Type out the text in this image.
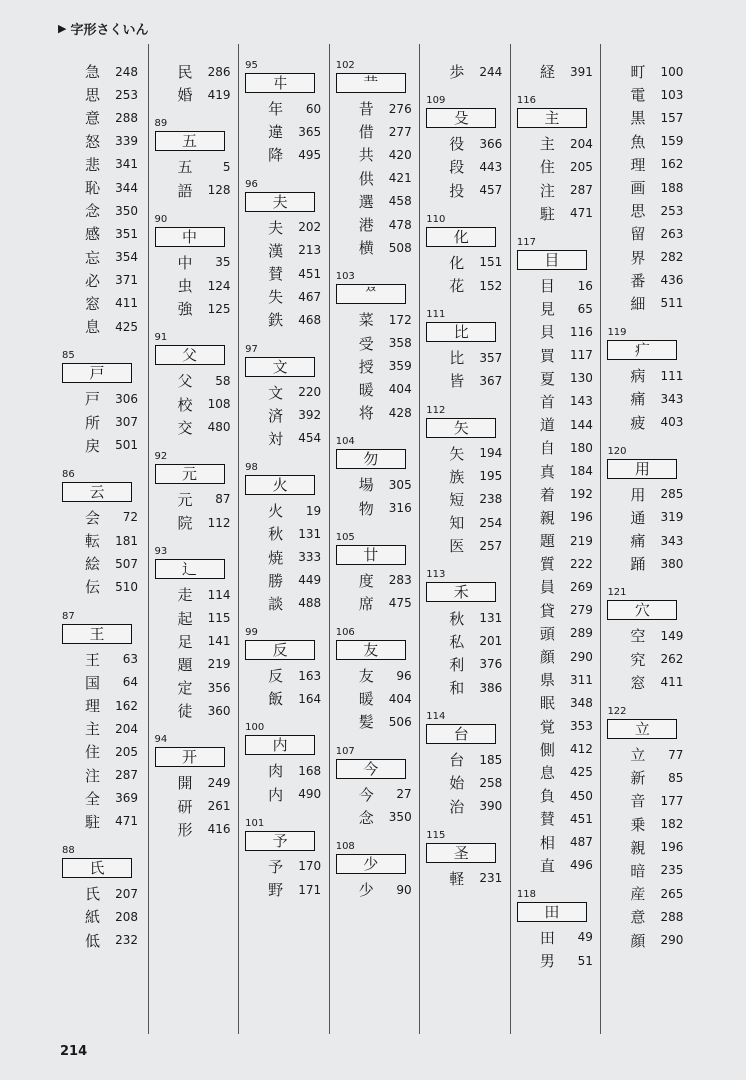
▶ 字形さくいん
急	248
思	253
意	288
怒	339
悲	341
恥	344
念	350
感	351
忘	354
必	371
窓	411
息	425
85
戸
戸	306
所	307
戻	501
86
云
会	72
転	181
絵	507
伝	510
87
王
王	63
国	64
理	162
主	204
住	205
注	287
全	369
駐	471
88
氏
氏	207
紙	208
低	232
民	286
婚	419
89
五
五	5
語	128
90
中
中	35
虫	124
強	125
91
父
父	58
校	108
交	480
92
元
元	87
院	112
93
⻌
走	114
起	115
足	141
題	219
定	356
徒	360
94
开
開	249
研	261
形	416
95
㐄
年	60
違	365
降	495
96
夫
夫	202
漢	213
賛	451
失	467
鉄	468
97
文
文	220
済	392
対	454
98
火
火	19
秋	131
焼	333
勝	449
談	488
99
反
反	163
飯	164
100
内
肉	168
内	490
101
予
予	170
野	171
102
龷
昔	276
借	277
共	420
供	421
選	458
港	478
横	508
103
ᄶ
菜	172
受	358
授	359
暖	404
将	428
104
勿
場	305
物	316
105
廿
度	283
席	475
106
友
友	96
暖	404
髪	506
107
今
今	27
念	350
108
少
少	90
歩	244
109
殳
役	366
段	443
投	457
110
化
化	151
花	152
111
比
比	357
皆	367
112
矢
矢	194
族	195
短	238
知	254
医	257
113
禾
秋	131
私	201
利	376
和	386
114
台
台	185
始	258
治	390
115
圣
軽	231
経	391
116
主
主	204
住	205
注	287
駐	471
117
目
目	16
見	65
貝	116
買	117
夏	130
首	143
道	144
自	180
真	184
着	192
親	196
題	219
質	222
員	269
貸	279
頭	289
顔	290
県	311
眠	348
覚	353
側	412
息	425
負	450
賛	451
相	487
直	496
118
田
田	49
男	51
町	100
電	103
黒	157
魚	159
理	162
画	188
思	253
留	263
界	282
番	436
細	511
119
疒
病	111
痛	343
疲	403
120
用
用	285
通	319
痛	343
踊	380
121
穴
空	149
究	262
窓	411
122
立
立	77
新	85
音	177
乗	182
親	196
暗	235
産	265
意	288
顔	290
214
